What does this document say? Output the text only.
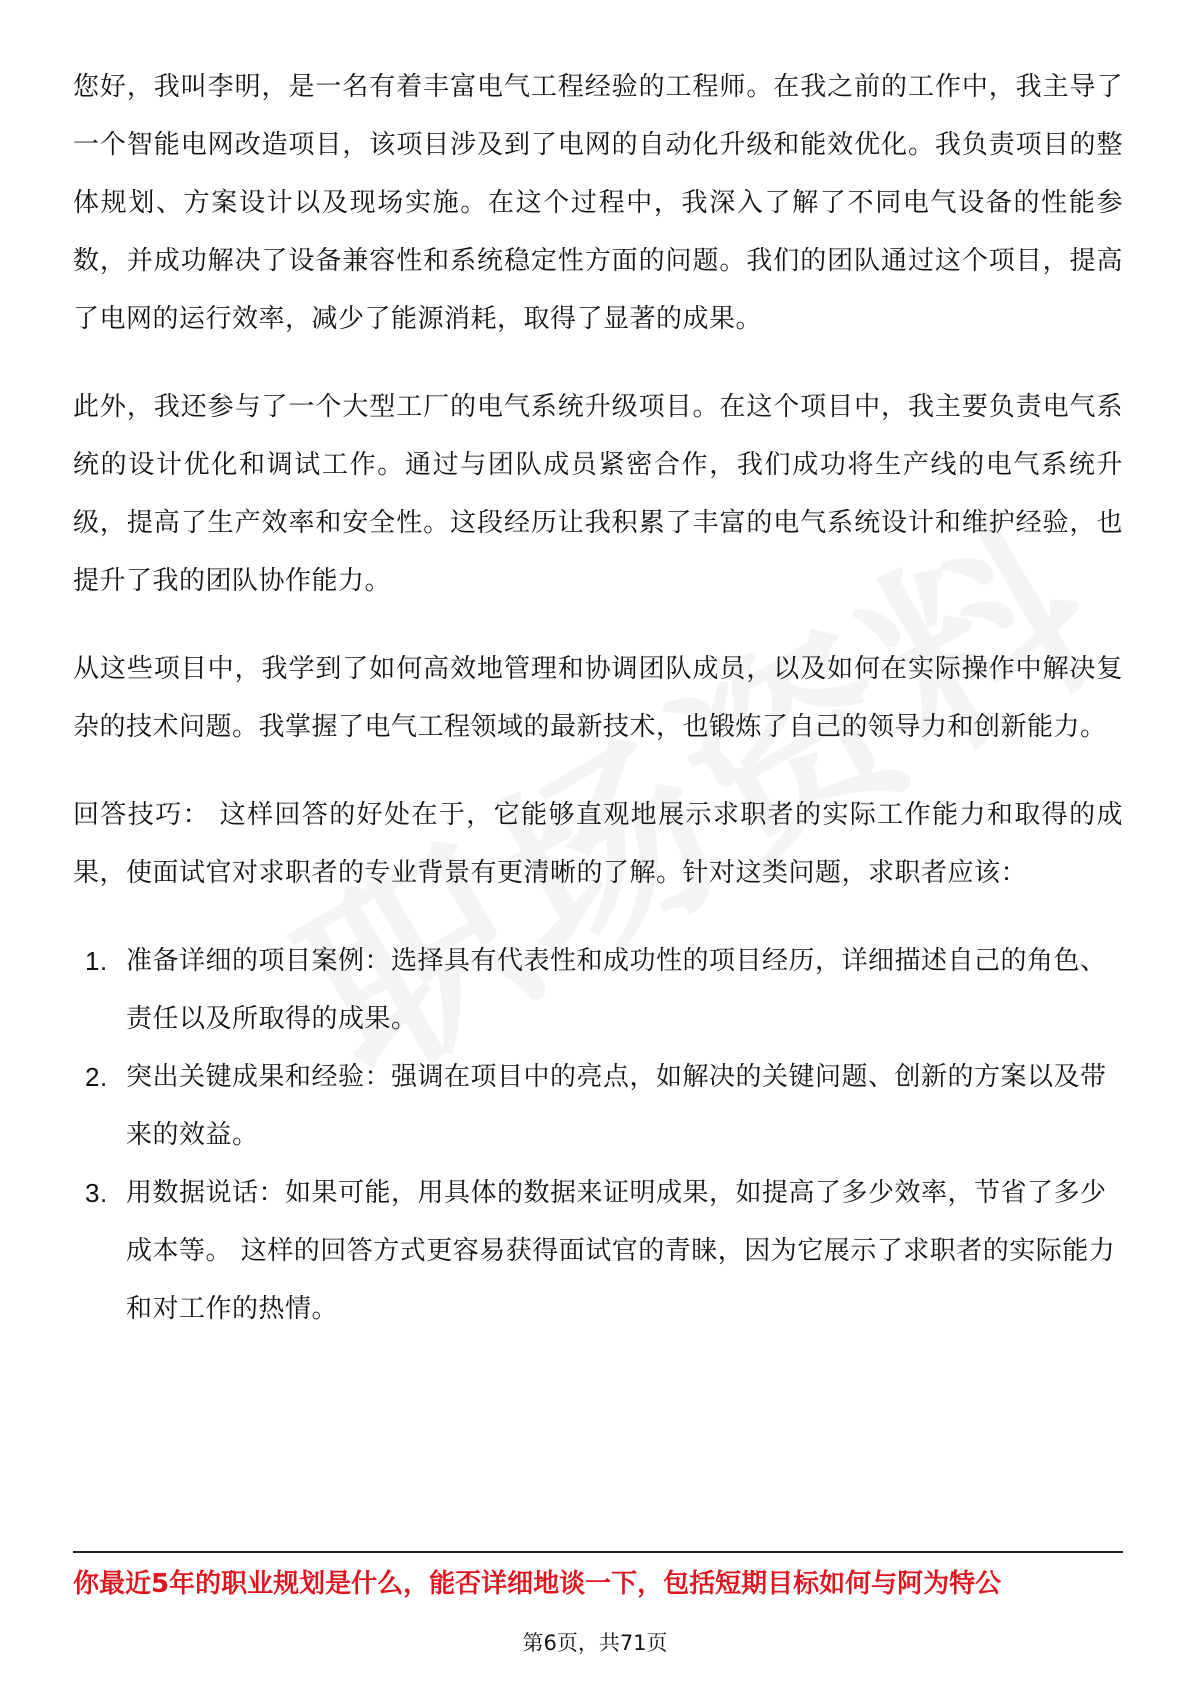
您好，我叫李明，是一名有着丰富电气工程经验的工程师。在我之前的工作中，我主导了一个智能电网改造项目，该项目涉及到了电网的自动化升级和能效优化。我负责项目的整体规划、方案设计以及现场实施。在这个过程中，我深入了解了不同电气设备的性能参数，并成功解决了设备兼容性和系统稳定性方面的问题。我们的团队通过这个项目，提高了电网的运行效率，减少了能源消耗，取得了显著的成果。

此外，我还参与了一个大型工厂的电气系统升级项目。在这个项目中，我主要负责电气系统的设计优化和调试工作。通过与团队成员紧密合作，我们成功将生产线的电气系统升级，提高了生产效率和安全性。这段经历让我积累了丰富的电气系统设计和维护经验，也提升了我的团队协作能力。

从这些项目中，我学到了如何高效地管理和协调团队成员，以及如何在实际操作中解决复杂的技术问题。我掌握了电气工程领域的最新技术，也锻炼了自己的领导力和创新能力。

回答技巧： 这样回答的好处在于，它能够直观地展示求职者的实际工作能力和取得的成果，使面试官对求职者的专业背景有更清晰的了解。针对这类问题，求职者应该：

1. 准备详细的项目案例：选择具有代表性和成功性的项目经历，详细描述自己的角色、责任以及所取得的成果。
2. 突出关键成果和经验：强调在项目中的亮点，如解决的关键问题、创新的方案以及带来的效益。
3. 用数据说话：如果可能，用具体的数据来证明成果，如提高了多少效率，节省了多少成本等。 这样的回答方式更容易获得面试官的青睐，因为它展示了求职者的实际能力和对工作的热情。
你最近5年的职业规划是什么，能否详细地谈一下，包括短期目标如何与阿为特公
第6页，共71页
